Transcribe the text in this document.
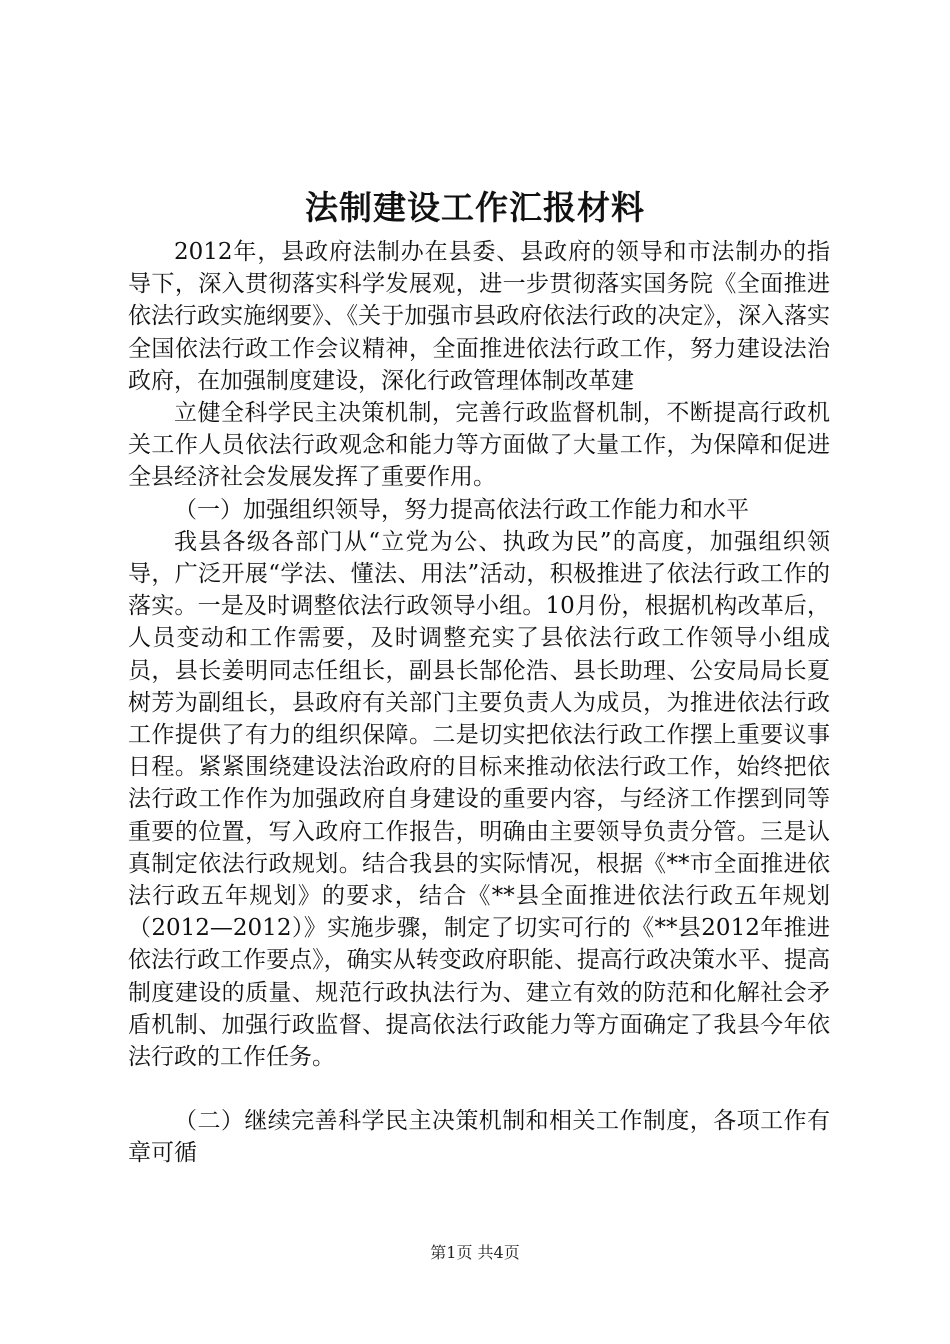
法制建设工作汇报材料

2012年，县政府法制办在县委、县政府的领导和市法制办的指导下，深入贯彻落实科学发展观，进一步贯彻落实国务院《全面推进依法行政实施纲要》、《关于加强市县政府依法行政的决定》，深入落实全国依法行政工作会议精神，全面推进依法行政工作，努力建设法治政府，在加强制度建设，深化行政管理体制改革建

立健全科学民主决策机制，完善行政监督机制，不断提高行政机关工作人员依法行政观念和能力等方面做了大量工作，为保障和促进全县经济社会发展发挥了重要作用。

（一）加强组织领导，努力提高依法行政工作能力和水平

我县各级各部门从“立党为公、执政为民”的高度，加强组织领导，广泛开展“学法、懂法、用法”活动，积极推进了依法行政工作的落实。一是及时调整依法行政领导小组。10月份，根据机构改革后，人员变动和工作需要，及时调整充实了县依法行政工作领导小组成员，县长姜明同志任组长，副县长郜伦浩、县长助理、公安局局长夏树芳为副组长，县政府有关部门主要负责人为成员，为推进依法行政工作提供了有力的组织保障。二是切实把依法行政工作摆上重要议事日程。紧紧围绕建设法治政府的目标来推动依法行政工作，始终把依法行政工作作为加强政府自身建设的重要内容，与经济工作摆到同等重要的位置，写入政府工作报告，明确由主要领导负责分管。三是认真制定依法行政规划。结合我县的实际情况，根据《**市全面推进依法行政五年规划》的要求，结合《**县全面推进依法行政五年规划（2012—2012）》实施步骤，制定了切实可行的《**县2012年推进依法行政工作要点》，确实从转变政府职能、提高行政决策水平、提高制度建设的质量、规范行政执法行为、建立有效的防范和化解社会矛盾机制、加强行政监督、提高依法行政能力等方面确定了我县今年依法行政的工作任务。

（二）继续完善科学民主决策机制和相关工作制度，各项工作有章可循

第1页 共4页
